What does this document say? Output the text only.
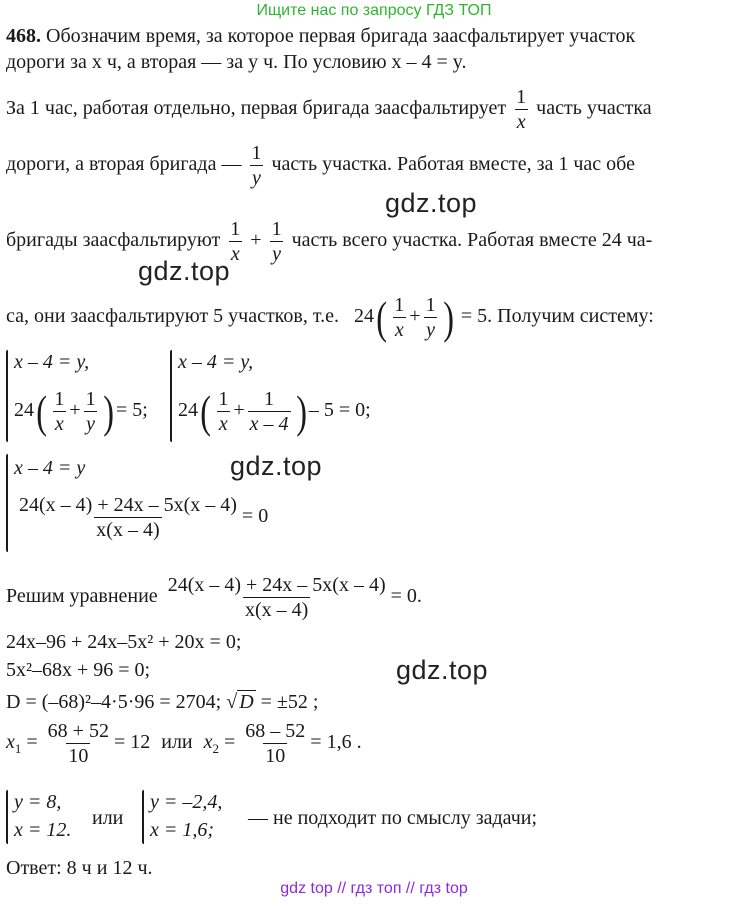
Ищите нас по запросу ГДЗ ТОП
gdz.top
gdz.top
gdz.top
gdz.top
468. Обозначим время, за которое первая бригада заасфальтирует участок
дороги за x ч, а вторая — за y ч. По условию x – 4 = y.
За 1 час, работая отдельно, первая бригада заасфальтирует $\frac{1}{x}$ часть участка
дороги, а вторая бригада — $\frac{1}{y}$ часть участка. Работая вместе, за 1 час обе
бригады заасфальтируют $\frac{1}{x} + \frac{1}{y}$ часть всего участка. Работая вместе 24 ча-
са, они заасфальтируют 5 участков, т.е. $24( \frac{1}{x} + \frac{1}{y}$ ) = 5. Получим систему:
x – 4 = y,
$24( \frac{1}{x} + \frac{1}{y}$ ) = 5;
x – 4 = y,
$24( \frac{1}{x} + \frac{1}{x - 4}$ ) – 5 = 0;
x – 4 = y
$\frac{24(x - 4) + 24x - 5x(x - 4)}{x(x - 4)} = 0$
Решим уравнение $\frac{24(x - 4) + 24x - 5x(x - 4)}{x(x - 4)} = 0$.
24x–96 + 24x–5x² + 20x = 0;
5x²–68x + 96 = 0;
D = (–68)²–4·5·96 = 2704; √ D = ±52 ;
$x_1 = \frac{68 + 52}{10} = 12$ или $x_2 = \frac{68 - 52}{10} = 1,6$ .
y = 8,
x = 12.
или
y = –2,4,
x = 1,6;
— не подходит по смыслу задачи;
Ответ: 8 ч и 12 ч.
gdz top // гдз топ // гдз top
